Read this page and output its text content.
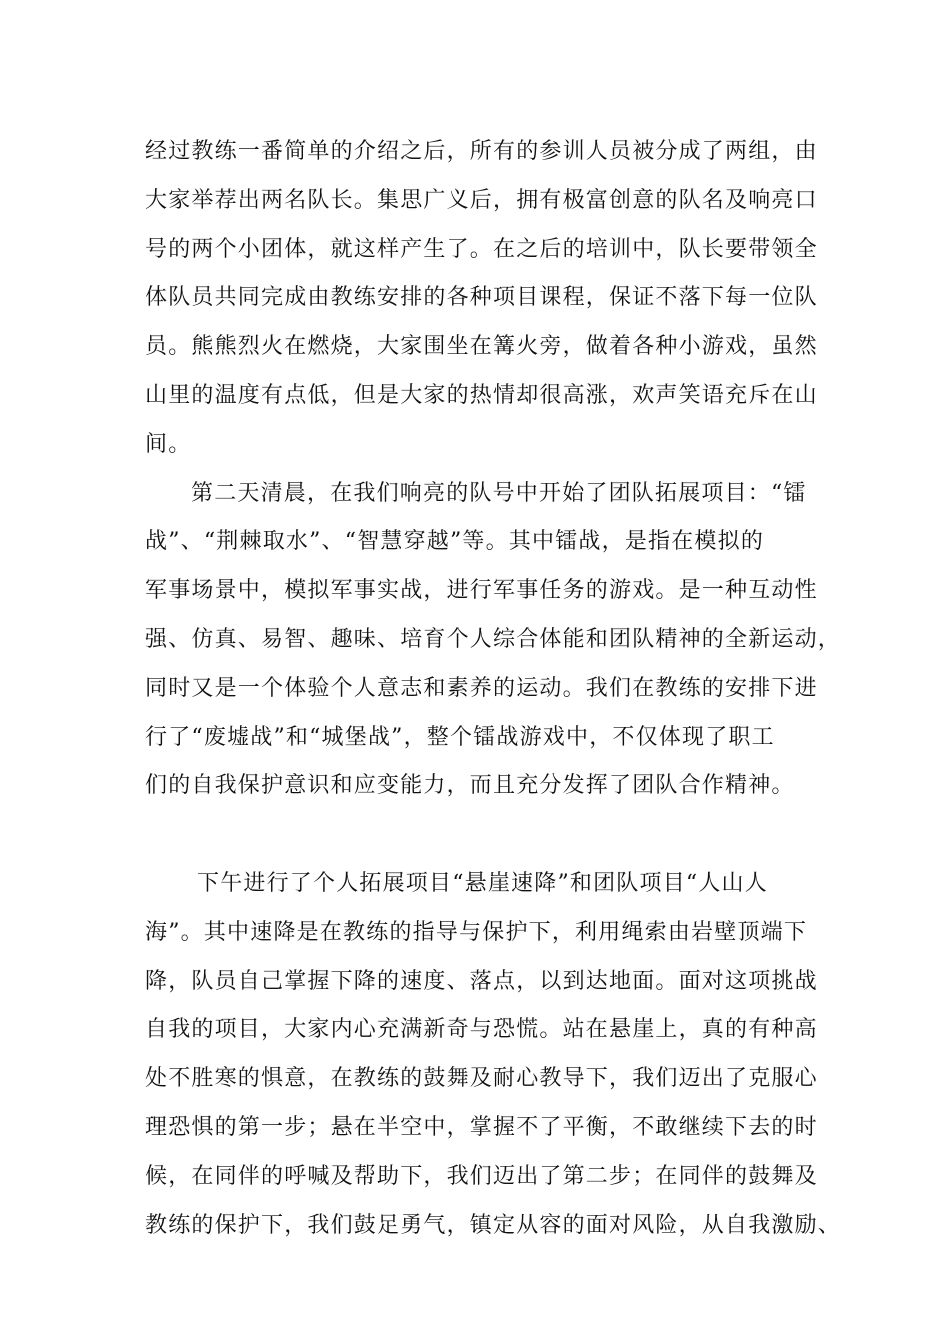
经过教练一番简单的介绍之后，所有的参训人员被分成了两组，由
大家举荐出两名队长。集思广义后，拥有极富创意的队名及响亮口
号的两个小团体，就这样产生了。在之后的培训中，队长要带领全
体队员共同完成由教练安排的各种项目课程，保证不落下每一位队
员。熊熊烈火在燃烧，大家围坐在篝火旁，做着各种小游戏，虽然
山里的温度有点低，但是大家的热情却很高涨，欢声笑语充斥在山
间。
第二天清晨，在我们响亮的队号中开始了团队拓展项目：“镭
战”、“荆棘取水”、“智慧穿越”等。其中镭战，是指在模拟的
军事场景中，模拟军事实战，进行军事任务的游戏。是一种互动性
强、仿真、易智、趣味、培育个人综合体能和团队精神的全新运动，
同时又是一个体验个人意志和素养的运动。我们在教练的安排下进
行了“废墟战”和“城堡战”，整个镭战游戏中，不仅体现了职工
们的自我保护意识和应变能力，而且充分发挥了团队合作精神。
下午进行了个人拓展项目“悬崖速降”和团队项目“人山人
海”。其中速降是在教练的指导与保护下，利用绳索由岩壁顶端下
降，队员自己掌握下降的速度、落点，以到达地面。面对这项挑战
自我的项目，大家内心充满新奇与恐慌。站在悬崖上，真的有种高
处不胜寒的惧意，在教练的鼓舞及耐心教导下，我们迈出了克服心
理恐惧的第一步；悬在半空中，掌握不了平衡，不敢继续下去的时
候，在同伴的呼喊及帮助下，我们迈出了第二步；在同伴的鼓舞及
教练的保护下，我们鼓足勇气，镇定从容的面对风险，从自我激励、
